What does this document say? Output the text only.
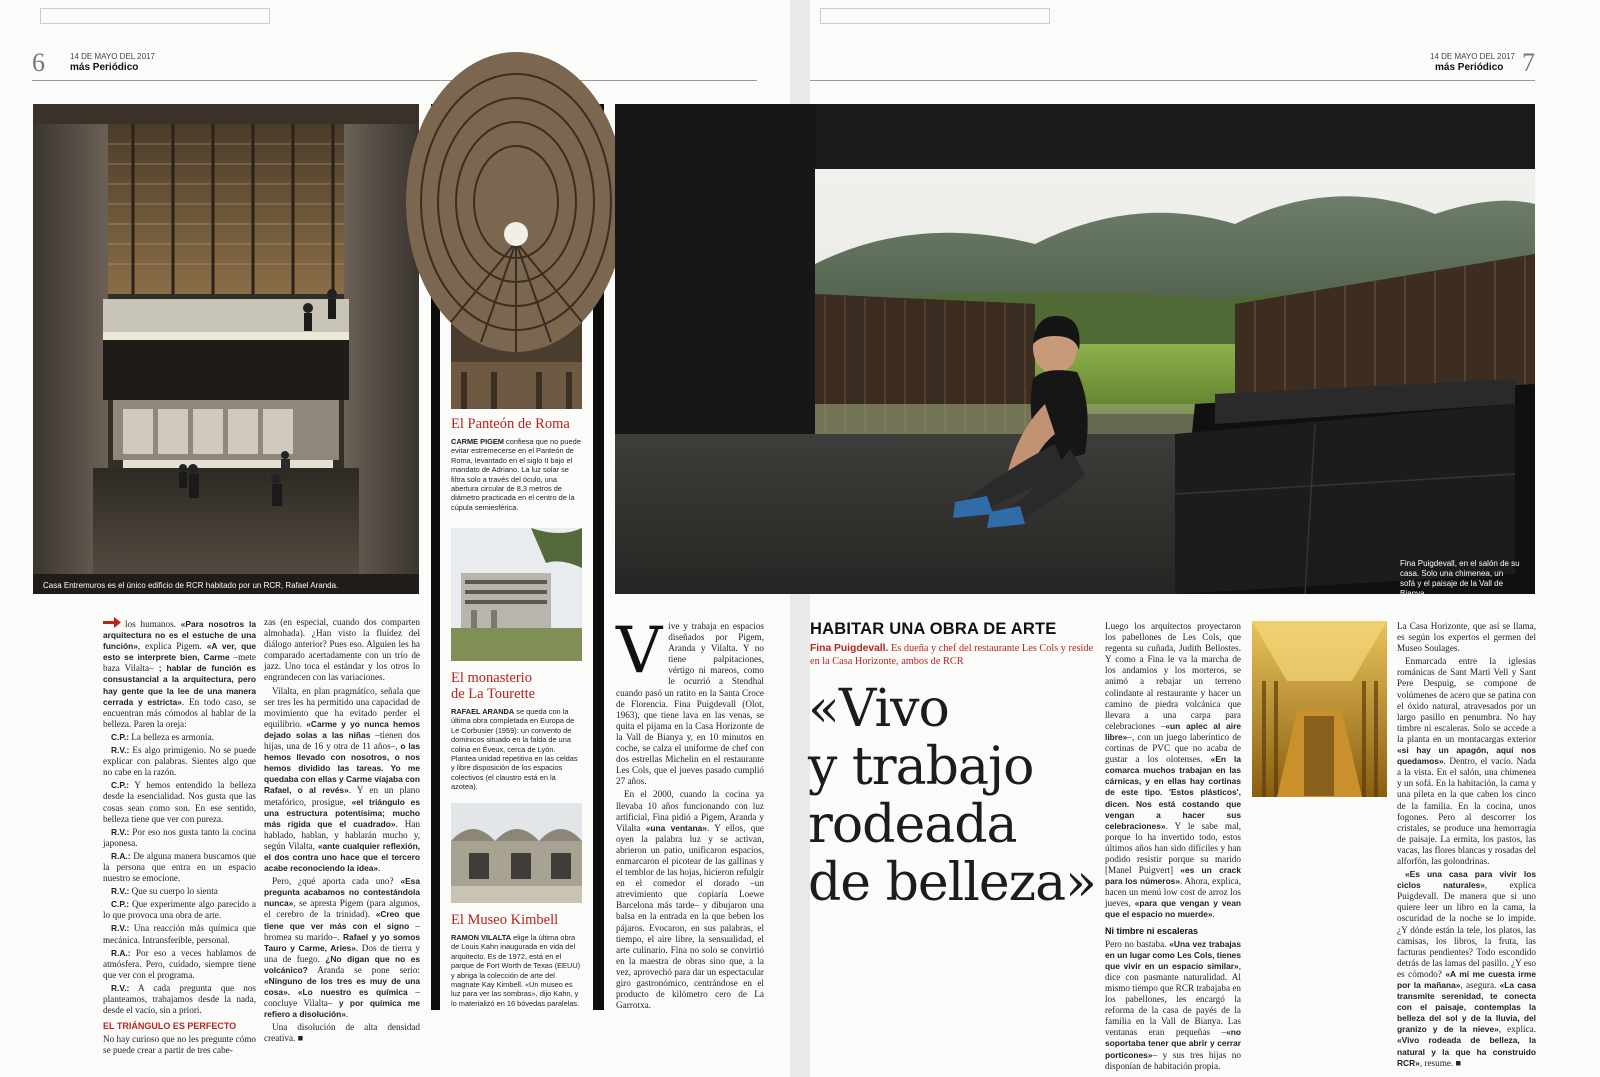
6	14 DE MAYO DEL 2017
más Periódico
Casa Entremuros es el único edificio de RCR habitado por un RCR, Rafael Aranda.
El Panteón de Roma
CARME PIGEM confiesa que no puede evitar estremecerse en el Panteón de Roma, levantado en el siglo II bajo el mandato de Adriano. La luz solar se filtra solo a través del óculo, una abertura circular de 8,3 metros de diámetro practicada en el centro de la cúpula semiesférica.
El monasterio
de La Tourette
RAFAEL ARANDA se queda con la última obra completada en Europa de Le Corbusier (1959): un convento de dominicos situado en la falda de una colina en Éveux, cerca de Lyón. Plantea unidad repetitiva en las celdas y libre disposición de los espacios colectivos (el claustro está en la azotea).
El Museo Kimbell
RAMON VILALTA elige la última obra de Louis Kahn inaugurada en vida del arquitecto. Es de 1972, está en el parque de Fort Worth de Texas (EEUU) y abriga la colección de arte del magnate Kay Kimbell. «Un museo es luz para ver las sombras», dijo Kahn, y lo materializó en 16 bóvedas paralelas.

los humanos. «Para nosotros la arquitectura no es el estuche de una función», explica Pigem. «A ver, que esto se interprete bien, Carme –mete baza Vilalta– ; hablar de función es consustancial a la arquitectura, pero hay gente que la lee de una manera cerrada y estricta». En todo caso, se encuentran más cómodos al hablar de la belleza. Paren la oreja:

C.P.: La belleza es armonía.

R.V.: Es algo primigenio. No se puede explicar con palabras. Sientes algo que no cabe en la razón.

C.P.: Y hemos entendido la belleza desde la esencialidad. Nos gusta que las cosas sean como son. En ese sentido, belleza tiene que ver con pureza.

R.V.: Por eso nos gusta tanto la cocina japonesa.

R.A.: De alguna manera buscamos que la persona que entra en un espacio nuestro se emocione.

R.V.: Que su cuerpo lo sienta

C.P.: Que experimente algo parecido a lo que provoca una obra de arte.

R.V.: Una reacción más química que mecánica. Intransferible, personal.

R.A.: Por eso a veces hablamos de atmósfera. Pero, cuidado, siempre tiene que ver con el programa.

R.V.: A cada pregunta que nos planteamos, trabajamos desde la nada, desde el vacío, sin a priori.

EL TRIÁNGULO ES PERFECTO

No hay curioso que no les pregunte cómo se puede crear a partir de tres cabe-

zas (en especial, cuando dos comparten almohada). ¿Han visto la fluidez del diálogo anterior? Pues eso. Alguien les ha comparado acertadamente con un trío de jazz. Uno toca el estándar y los otros lo engrandecen con las variaciones.

Vilalta, en plan pragmático, señala que ser tres les ha permitido una capacidad de movimiento que ha evitado perder el equilibrio. «Carme y yo nunca hemos dejado solas a las niñas –tienen dos hijas, una de 16 y otra de 11 años–, o las hemos llevado con nosotros, o nos hemos dividido las tareas. Yo me quedaba con ellas y Carme viajaba con Rafael, o al revés». Y en un plano metafórico, prosigue, «el triángulo es una estructura potentísima; mucho más rígida que el cuadrado». Han hablado, hablan, y hablarán mucho y, según Vilalta, «ante cualquier reflexión, el dos contra uno hace que el tercero acabe reconociendo la idea».

Pero, ¿qué aporta cada uno? «Esa pregunta acabamos no contestándola nunca», se apresta Pigem (para algunos, el cerebro de la trinidad). «Creo que tiene que ver más con el signo –bromea su marido–. Rafael y yo somos Tauro y Carme, Aries». Dos de tierra y una de fuego. ¿No digan que no es volcánico? Aranda se pone serio: «Ninguno de los tres es muy de una cosa». «Lo nuestro es química –concluye Vilalta– y por química me refiero a disolución».

Una disolución de alta densidad creativa. ■

7
14 DE MAYO DEL 2017
más Periódico
Fina Puigdevall, en el salón de su casa. Solo una chimenea, un sofá y el paisaje de la Vall de Bianya.

Vive y trabaja en espacios diseñados por Pigem, Aranda y Vilalta. Y no tiene palpitaciones, vértigo ni mareos, como le ocurrió a Stendhal cuando pasó un ratito en la Santa Croce de Florencia. Fina Puigdevall (Olot, 1963), que tiene lava en las venas, se quita el pijama en la Casa Horizonte de la Vall de Bianya y, en 10 minutos en coche, se calza el uniforme de chef con dos estrellas Michelin en el restaurante Les Cols, que el jueves pasado cumplió 27 años.

En el 2000, cuando la cocina ya llevaba 10 años funcionando con luz artificial, Fina pidió a Pigem, Aranda y Vilalta «una ventana». Y ellos, que oyen la palabra luz y se activan, abrieron un patio, unificaron espacios, enmarcaron el picotear de las gallinas y el temblor de las hojas, hicieron refulgir en el comedor el dorado –un atrevimiento que copiaría Loewe Barcelona más tarde– y dibujaron una balsa en la entrada en la que beben los pájaros. Evocaron, en sus palabras, el tiempo, el aire libre, la sensualidad, el arte culinario. Fina no solo se convirtió en la maestra de obras sino que, a la vez, aprovechó para dar un espectacular giro gastronómico, centrándose en el producto de kilómetro cero de La Garrotxa.

HABITAR UNA OBRA DE ARTE
Fina Puigdevall. Es dueña y chef del restaurante Les Cols y reside en la Casa Horizonte, ambos de RCR
«Vivo
y trabajo
rodeada
de belleza»

Luego los arquitectos proyectaron los pabellones de Les Cols, que regenta su cuñada, Judith Bellostes. Y como a Fina le va la marcha de los andamios y los morteros, se animó a rebajar un terreno colindante al restaurante y hacer un camino de piedra volcánica que llevara a una carpa para celebraciones –«un aplec al aire libre»–, con un juego laberíntico de cortinas de PVC que no acaba de gustar a los olotenses. «En la comarca muchos trabajan en las cárnicas, y en ellas hay cortinas de este tipo. 'Estos plásticos', dicen. Nos está costando que vengan a hacer sus celebraciones». Y le sabe mal, porque lo ha invertido todo, estos últimos años han sido difíciles y han podido resistir porque su marido [Manel Puigvert] «es un crack para los números». Ahora, explica, hacen un menú low cost de arroz los jueves, «para que vengan y vean que el espacio no muerde».

Ni timbre ni escaleras

Pero no bastaba. «Una vez trabajas en un lugar como Les Cols, tienes que vivir en un espacio similar», dice con pasmante naturalidad. Al mismo tiempo que RCR trabajaba en los pabellones, les encargó la reforma de la casa de payés de la familia en la Vall de Bianya. Las ventanas eran pequeñas –«no soportaba tener que abrir y cerrar porticones»– y sus tres hijas no disponían de habitación propia.

La Casa Horizonte, que así se llama, es según los expertos el germen del Museo Soulages.

Enmarcada entre la iglesias románicas de Sant Martí Vell y Sant Pere Despuig, se compone de volúmenes de acero que se patina con el óxido natural, atravesados por un largo pasillo en penumbra. No hay timbre ni escaleras. Solo se accede a la planta en un montacargas exterior «si hay un apagón, aquí nos quedamos». Dentro, el vacío. Nada a la vista. En el salón, una chimenea y un sofá. En la habitación, la cama y una pileta en la que caben los cinco de la familia. En la cocina, unos fogones. Pero al descorrer los cristales, se produce una hemorragia de paisaje. La ermita, los pastos, las vacas, las flores blancas y rosadas del alforfón, las golondrinas.

«Es una casa para vivir los ciclos naturales», explica Puigdevall. De manera que si uno quiere leer un libro en la cama, la oscuridad de la noche se lo impide. ¿Y dónde están la tele, los platos, las camisas, los libros, la fruta, las facturas pendientes? Todo escondido detrás de las lamas del pasillo. ¿Y eso es cómodo? «A mí me cuesta irme por la mañana», asegura. «La casa transmite serenidad, te conecta con el paisaje, contemplas la belleza del sol y de la lluvia, del granizo y de la nieve», explica. «Vivo rodeada de belleza, la natural y la que ha construido RCR», resume. ■
